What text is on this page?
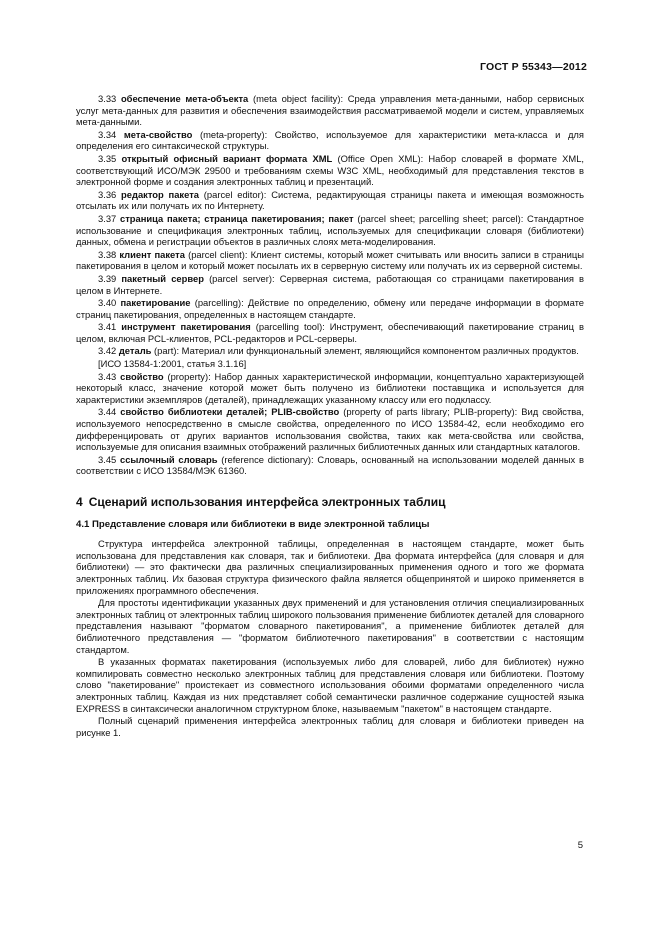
ГОСТ Р 55343—2012
3.33 обеспечение мета-объекта (meta object facility): Среда управления мета-данными, набор сервисных услуг мета-данных для развития и обеспечения взаимодействия рассматриваемой модели и систем, управляемых мета-данными.
3.34 мета-свойство (meta-property): Свойство, используемое для характеристики мета-класса и для определения его синтаксической структуры.
3.35 открытый офисный вариант формата XML (Office Open XML): Набор словарей в формате XML, соответствующий ИСО/МЭК 29500 и требованиям схемы W3C XML, необходимый для представления текстов в электронной форме и создания электронных таблиц и презентаций.
3.36 редактор пакета (parcel editor): Система, редактирующая страницы пакета и имеющая возможность отсылать их или получать их по Интернету.
3.37 страница пакета; страница пакетирования; пакет (parcel sheet; parcelling sheet; parcel): Стандартное использование и спецификация электронных таблиц, используемых для спецификации словаря (библиотеки) данных, обмена и регистрации объектов в различных слоях мета-моделирования.
3.38 клиент пакета (parcel client): Клиент системы, который может считывать или вносить записи в страницы пакетирования в целом и который может посылать их в серверную систему или получать их из серверной системы.
3.39 пакетный сервер (parcel server): Серверная система, работающая со страницами пакетирования в целом в Интернете.
3.40 пакетирование (parcelling): Действие по определению, обмену или передаче информации в формате страниц пакетирования, определенных в настоящем стандарте.
3.41 инструмент пакетирования (parcelling tool): Инструмент, обеспечивающий пакетирование страниц в целом, включая PCL-клиентов, PCL-редакторов и PCL-серверы.
3.42 деталь (part): Материал или функциональный элемент, являющийся компонентом различных продуктов.
[ИСО 13584-1:2001, статья 3.1.16]
3.43 свойство (property): Набор данных характеристической информации, концептуально характеризующей некоторый класс, значение которой может быть получено из библиотеки поставщика и используется для характеристики экземпляров (деталей), принадлежащих указанному классу или его подклассу.
3.44 свойство библиотеки деталей; PLIB-свойство (property of parts library; PLIB-property): Вид свойства, используемого непосредственно в смысле свойства, определенного по ИСО 13584-42, если необходимо его дифференцировать от других вариантов использования свойства, таких как мета-свойства или свойства, используемые для описания взаимных отображений различных библиотечных данных или стандартных каталогов.
3.45 ссылочный словарь (reference dictionary): Словарь, основанный на использовании моделей данных в соответствии с ИСО 13584/МЭК 61360.
4 Сценарий использования интерфейса электронных таблиц
4.1 Представление словаря или библиотеки в виде электронной таблицы
Структура интерфейса электронной таблицы, определенная в настоящем стандарте, может быть использована для представления как словаря, так и библиотеки. Два формата интерфейса (для словаря и для библиотеки) — это фактически два различных специализированных применения одного и того же формата электронных таблиц. Их базовая структура физического файла является общепринятой и широко применяется в приложениях программного обеспечения.
Для простоты идентификации указанных двух применений и для установления отличия специализированных электронных таблиц от электронных таблиц широкого пользования применение библиотек деталей для словарного представления называют "форматом словарного пакетирования", а применение библиотек деталей для библиотечного представления — "форматом библиотечного пакетирования" в соответствии с настоящим стандартом.
В указанных форматах пакетирования (используемых либо для словарей, либо для библиотек) нужно компилировать совместно несколько электронных таблиц для представления словаря или библиотеки. Поэтому слово "пакетирование" проистекает из совместного использования обоими форматами определенного числа электронных таблиц. Каждая из них представляет собой семантически различное содержание сущностей языка EXPRESS в синтаксически аналогичном структурном блоке, называемым "пакетом" в настоящем стандарте.
Полный сценарий применения интерфейса электронных таблиц для словаря и библиотеки приведен на рисунке 1.
5
